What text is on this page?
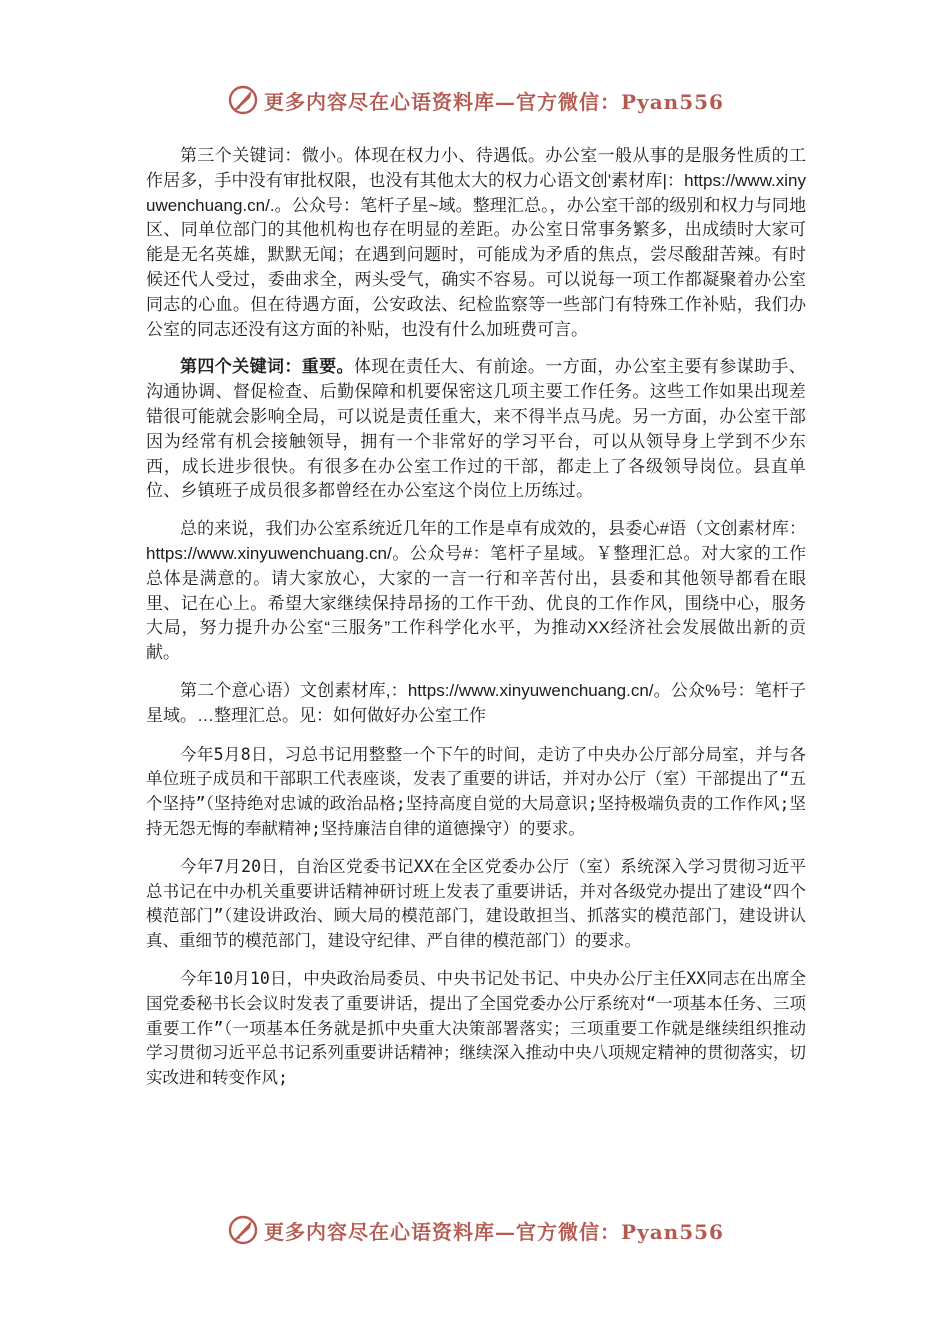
更多内容尽在心语资料库—官方微信：Pyan556

第三个关键词：微小。体现在权力小、待遇低。办公室一般从事的是服务性质的工作居多，手中没有审批权限，也没有其他太大的权力心语文创'素材库|：https://www.xinyuwenchuang.cn/.。公众号：笔杆子星~域。整理汇总。，办公室干部的级别和权力与同地区、同单位部门的其他机构也存在明显的差距。办公室日常事务繁多，出成绩时大家可能是无名英雄，默默无闻；在遇到问题时，可能成为矛盾的焦点，尝尽酸甜苦辣。有时候还代人受过，委曲求全，两头受气，确实不容易。可以说每一项工作都凝聚着办公室同志的心血。但在待遇方面，公安政法、纪检监察等一些部门有特殊工作补贴，我们办公室的同志还没有这方面的补贴，也没有什么加班费可言。

第四个关键词：重要。体现在责任大、有前途。一方面，办公室主要有参谋助手、沟通协调、督促检查、后勤保障和机要保密这几项主要工作任务。这些工作如果出现差错很可能就会影响全局，可以说是责任重大，来不得半点马虎。另一方面，办公室干部因为经常有机会接触领导，拥有一个非常好的学习平台，可以从领导身上学到不少东西，成长进步很快。有很多在办公室工作过的干部，都走上了各级领导岗位。县直单位、乡镇班子成员很多都曾经在办公室这个岗位上历练过。

总的来说，我们办公室系统近几年的工作是卓有成效的，县委心#语（文创素材库：https://www.xinyuwenchuang.cn/。公众号#：笔杆子星域。￥整理汇总。对大家的工作总体是满意的。请大家放心，大家的一言一行和辛苦付出，县委和其他领导都看在眼里、记在心上。希望大家继续保持昂扬的工作干劲、优良的工作作风，围绕中心，服务大局，努力提升办公室“三服务”工作科学化水平，为推动XX经济社会发展做出新的贡献。

第二个意心语）文创素材库,：https://www.xinyuwenchuang.cn/。公众%号：笔杆子星域。…整理汇总。见：如何做好办公室工作

今年5月8日，习总书记用整整一个下午的时间，走访了中央办公厅部分局室，并与各单位班子成员和干部职工代表座谈，发表了重要的讲话，并对办公厅（室）干部提出了“五个坚持”（坚持绝对忠诚的政治品格;坚持高度自觉的大局意识;坚持极端负责的工作作风;坚持无怨无悔的奉献精神;坚持廉洁自律的道德操守）的要求。

今年7月20日，自治区党委书记XX在全区党委办公厅（室）系统深入学习贯彻习近平总书记在中办机关重要讲话精神研讨班上发表了重要讲话，并对各级党办提出了建设“四个模范部门”（建设讲政治、顾大局的模范部门，建设敢担当、抓落实的模范部门，建设讲认真、重细节的模范部门，建设守纪律、严自律的模范部门）的要求。

今年10月10日，中央政治局委员、中央书记处书记、中央办公厅主任XX同志在出席全国党委秘书长会议时发表了重要讲话，提出了全国党委办公厅系统对“一项基本任务、三项重要工作”（一项基本任务就是抓中央重大决策部署落实；三项重要工作就是继续组织推动学习贯彻习近平总书记系列重要讲话精神；继续深入推动中央八项规定精神的贯彻落实，切实改进和转变作风;

更多内容尽在心语资料库—官方微信：Pyan556
